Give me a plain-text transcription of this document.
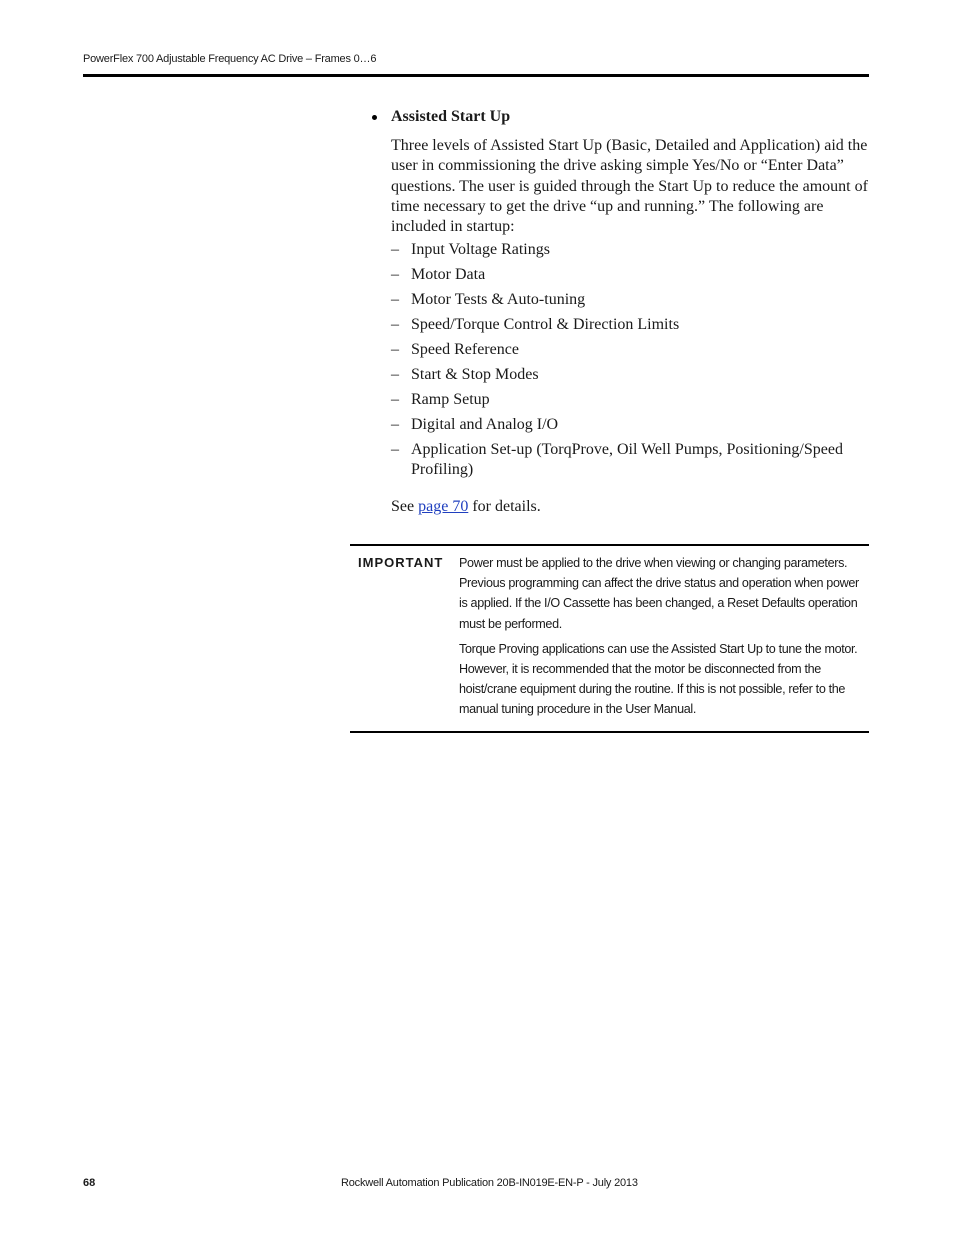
PowerFlex 700 Adjustable Frequency AC Drive – Frames 0…6
Assisted Start Up
Three levels of Assisted Start Up (Basic, Detailed and Application) aid the user in commissioning the drive asking simple Yes/No or “Enter Data” questions. The user is guided through the Start Up to reduce the amount of time necessary to get the drive “up and running.” The following are included in startup:
– Input Voltage Ratings
– Motor Data
– Motor Tests & Auto-tuning
– Speed/Torque Control & Direction Limits
– Speed Reference
– Start & Stop Modes
– Ramp Setup
– Digital and Analog I/O
– Application Set-up (TorqProve, Oil Well Pumps, Positioning/Speed Profiling)
See page 70 for details.
IMPORTANT Power must be applied to the drive when viewing or changing parameters. Previous programming can affect the drive status and operation when power is applied. If the I/O Cassette has been changed, a Reset Defaults operation must be performed.

Torque Proving applications can use the Assisted Start Up to tune the motor. However, it is recommended that the motor be disconnected from the hoist/crane equipment during the routine. If this is not possible, refer to the manual tuning procedure in the User Manual.

68	Rockwell Automation Publication 20B-IN019E-EN-P - July 2013
